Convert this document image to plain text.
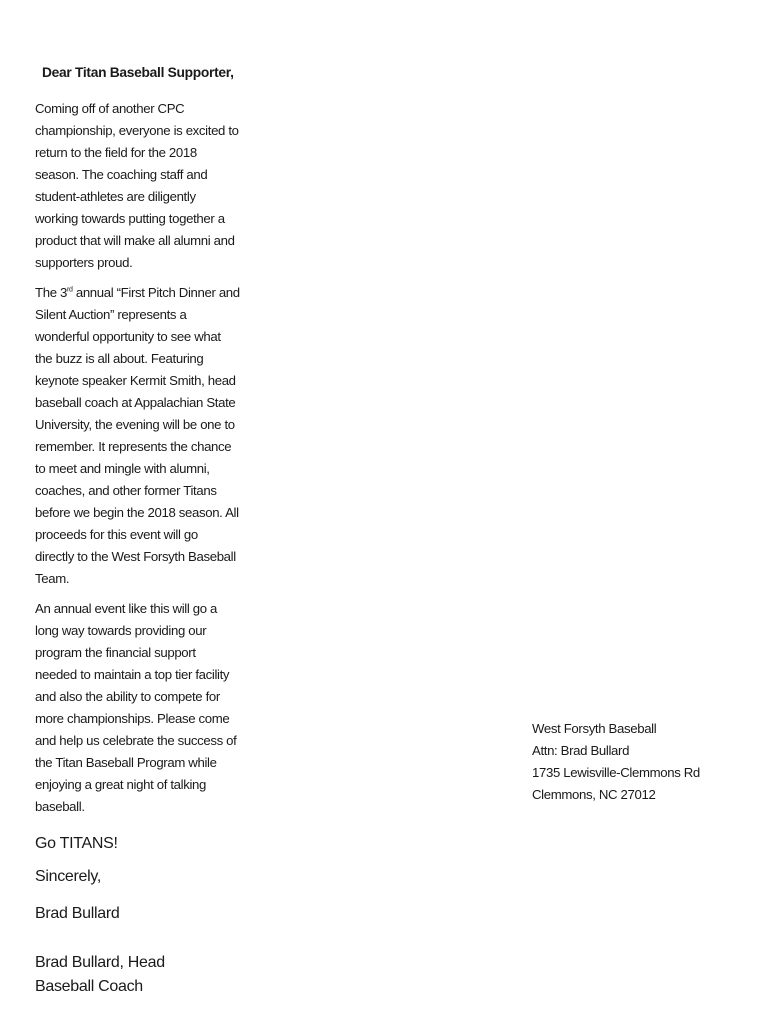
Dear Titan Baseball Supporter,

Coming off of another CPC championship, everyone is excited to return to the field for the 2018 season. The coaching staff and student-athletes are diligently working towards putting together a product that will make all alumni and supporters proud.

The 3rd annual “First Pitch Dinner and Silent Auction” represents a wonderful opportunity to see what the buzz is all about. Featuring keynote speaker Kermit Smith, head baseball coach at Appalachian State University, the evening will be one to remember. It represents the chance to meet and mingle with alumni, coaches, and other former Titans before we begin the 2018 season. All proceeds for this event will go directly to the West Forsyth Baseball Team.

An annual event like this will go a long way towards providing our program the financial support needed to maintain a top tier facility and also the ability to compete for more championships. Please come and help us celebrate the success of the Titan Baseball Program while enjoying a great night of talking baseball.

Go TITANS!

Sincerely,

Brad Bullard

Brad Bullard, Head Baseball Coach

West Forsyth Baseball
Attn: Brad Bullard
1735 Lewisville-Clemmons Rd
Clemmons, NC 27012
